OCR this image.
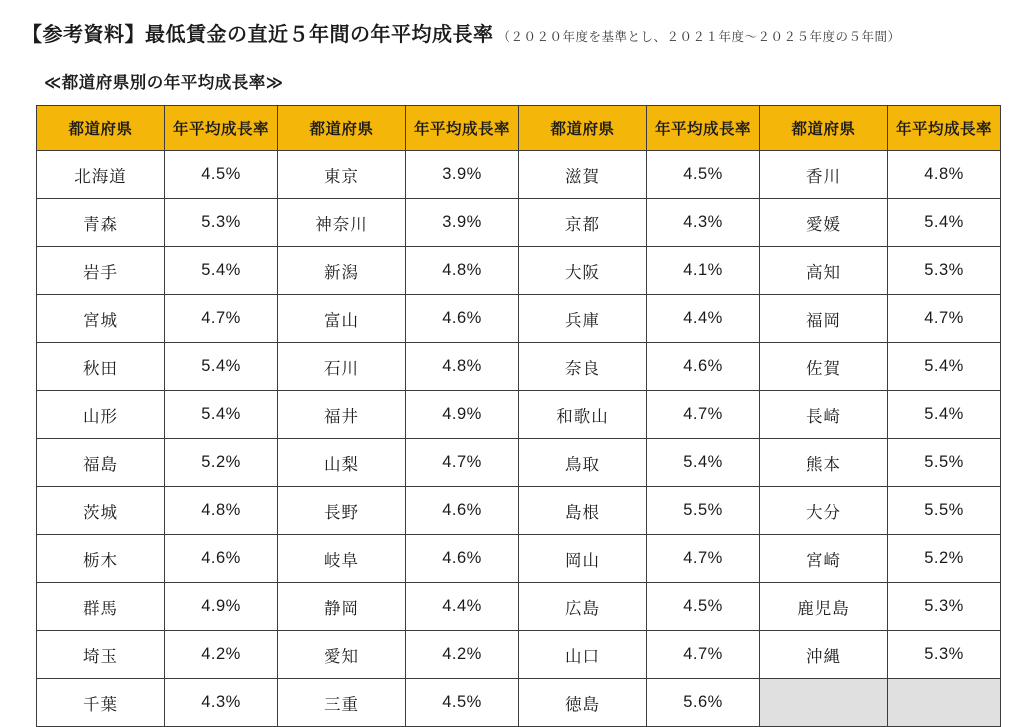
【参考資料】最低賃金の直近５年間の年平均成長率 （２０２０年度を基準とし、２０２１年度～２０２５年度の５年間）
≪都道府県別の年平均成長率≫
都道府県	年平均成長率	都道府県	年平均成長率	都道府県	年平均成長率	都道府県	年平均成長率
北海道	4.5%	東京	3.9%	滋賀	4.5%	香川	4.8%
青森	5.3%	神奈川	3.9%	京都	4.3%	愛媛	5.4%
岩手	5.4%	新潟	4.8%	大阪	4.1%	高知	5.3%
宮城	4.7%	富山	4.6%	兵庫	4.4%	福岡	4.7%
秋田	5.4%	石川	4.8%	奈良	4.6%	佐賀	5.4%
山形	5.4%	福井	4.9%	和歌山	4.7%	長崎	5.4%
福島	5.2%	山梨	4.7%	鳥取	5.4%	熊本	5.5%
茨城	4.8%	長野	4.6%	島根	5.5%	大分	5.5%
栃木	4.6%	岐阜	4.6%	岡山	4.7%	宮崎	5.2%
群馬	4.9%	静岡	4.4%	広島	4.5%	鹿児島	5.3%
埼玉	4.2%	愛知	4.2%	山口	4.7%	沖縄	5.3%
千葉	4.3%	三重	4.5%	徳島	5.6%		
